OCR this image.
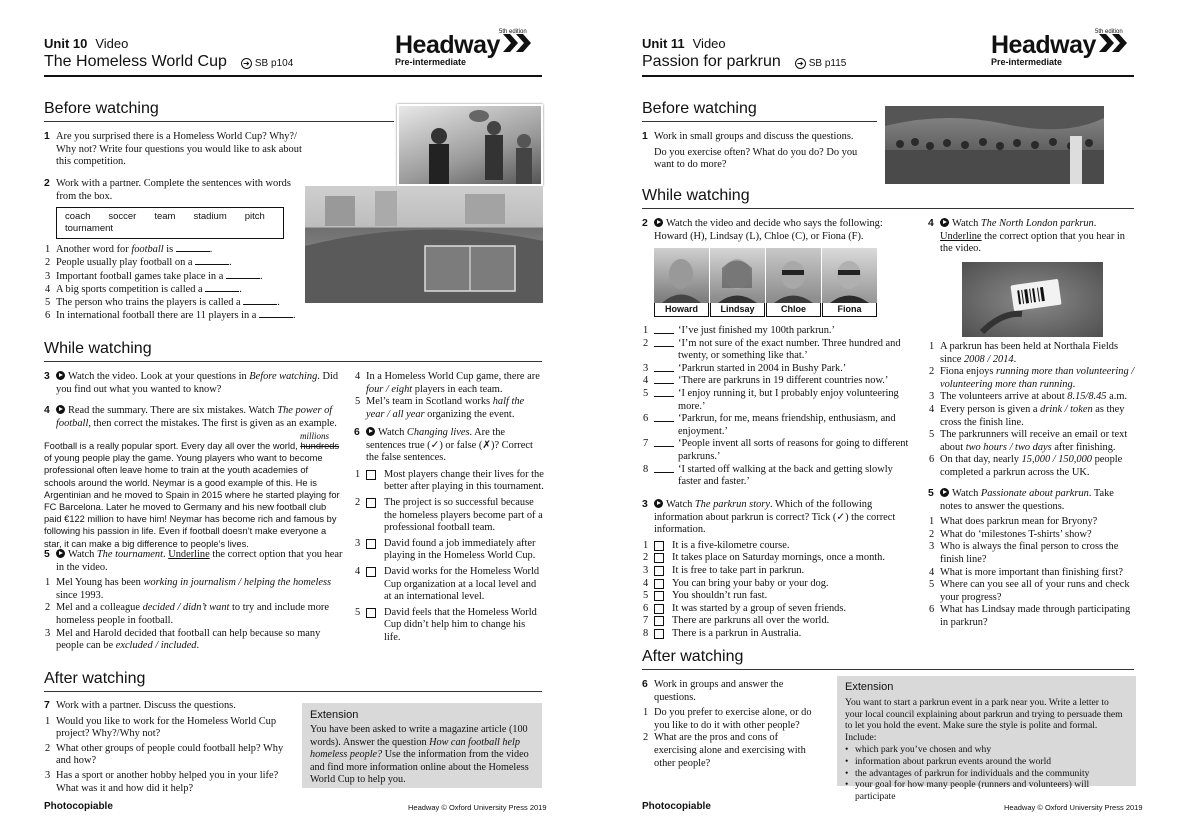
Unit 10 Video
The Homeless World Cup ➜ SB p104
5th edition
Headway
Pre-intermediate
Before watching
1 Are you surprised there is a Homeless World Cup? Why?/ Why not? Write four questions you would like to ask about this competition.
2 Work with a partner. Complete the sentences with words from the box.
coach soccer team stadium pitch
tournament
1 Another word for football is	.
2 People usually play football on a	.
3 Important football games take place in a	.
4 A big sports competition is called a	.
5 The person who trains the players is called a	.
6 In international football there are 11 players in a	.
While watching
3 Watch the video. Look at your questions in Before watching. Did you find out what you wanted to know?
4 Read the summary. There are six mistakes. Watch The power of football, then correct the mistakes. The first is given as an example.
millions
Football is a really popular sport. Every day all over the world, hundreds of young people play the game. Young players who want to become professional often leave home to train at the youth academies of schools around the world. Neymar is a good example of this. He is Argentinian and he moved to Spain in 2015 where he started playing for FC Barcelona. Later he moved to Germany and his new football club paid €122 million to have him! Neymar has become rich and famous by following his passion in life. Even if football doesn’t make everyone a star, it can make a big difference to people’s lives.
5 Watch The tournament. Underline the correct option that you hear in the video.
1 Mel Young has been working in journalism / helping the homeless since 1993.
2 Mel and a colleague decided / didn’t want to try and include more homeless people in football.
3 Mel and Harold decided that football can help because so many people can be excluded / included.
4 In a Homeless World Cup game, there are four / eight players in each team.
5 Mel’s team in Scotland works half the year / all year organizing the event.
6 Watch Changing lives. Are the sentences true (✓) or false (✗)? Correct the false sentences.
1 Most players change their lives for the better after playing in this tournament.
2 The project is so successful because the homeless players become part of a professional football team.
3 David found a job immediately after playing in the Homeless World Cup.
4 David works for the Homeless World Cup organization at a local level and at an international level.
5 David feels that the Homeless World Cup didn’t help him to change his life.
After watching
7 Work with a partner. Discuss the questions.
1 Would you like to work for the Homeless World Cup project? Why?/Why not?
2 What other groups of people could football help? Why and how?
3 Has a sport or another hobby helped you in your life? What was it and how did it help?
Extension
You have been asked to write a magazine article (100 words). Answer the question How can football help homeless people? Use the information from the video and find more information online about the Homeless World Cup to help you.
Photocopiable	Headway © Oxford University Press 2019
Unit 11 Video
Passion for parkrun ➜ SB p115
5th edition
Headway
Pre-intermediate
Before watching
1 Work in small groups and discuss the questions.
Do you exercise often? What do you do? Do you want to do more?
While watching
2 Watch the video and decide who says the following: Howard (H), Lindsay (L), Chloe (C), or Fiona (F).
Howard	Lindsay	Chloe	Fiona
1	‘I’ve just finished my 100th parkrun.’
2	‘I’m not sure of the exact number. Three hundred and twenty, or something like that.’
3	‘Parkrun started in 2004 in Bushy Park.’
4	‘There are parkruns in 19 different countries now.’
5	‘I enjoy running it, but I probably enjoy volunteering more.’
6	‘Parkrun, for me, means friendship, enthusiasm, and enjoyment.’
7	‘People invent all sorts of reasons for going to different parkruns.’
8	‘I started off walking at the back and getting slowly faster and faster.’
3 Watch The parkrun story. Which of the following information about parkrun is correct? Tick (✓) the correct information.
1 It is a five-kilometre course.
2 It takes place on Saturday mornings, once a month.
3 It is free to take part in parkrun.
4 You can bring your baby or your dog.
5 You shouldn’t run fast.
6 It was started by a group of seven friends.
7 There are parkruns all over the world.
8 There is a parkrun in Australia.
4 Watch The North London parkrun. Underline the correct option that you hear in the video.
1 A parkrun has been held at Northala Fields since 2008 / 2014.
2 Fiona enjoys running more than volunteering / volunteering more than running.
3 The volunteers arrive at about 8.15/8.45 a.m.
4 Every person is given a drink / token as they cross the finish line.
5 The parkrunners will receive an email or text about two hours / two days after finishing.
6 On that day, nearly 15,000 / 150,000 people completed a parkrun across the UK.
5 Watch Passionate about parkrun. Take notes to answer the questions.
1 What does parkrun mean for Bryony?
2 What do ‘milestones T-shirts’ show?
3 Who is always the final person to cross the finish line?
4 What is more important than finishing first?
5 Where can you see all of your runs and check your progress?
6 What has Lindsay made through participating in parkrun?
After watching
6 Work in groups and answer the questions.
1 Do you prefer to exercise alone, or do you like to do it with other people?
2 What are the pros and cons of exercising alone and exercising with other people?
Extension
You want to start a parkrun event in a park near you. Write a letter to your local council explaining about parkrun and trying to persuade them to let you hold the event. Make sure the style is polite and formal. Include:
• which park you’ve chosen and why
• information about parkrun events around the world
• the advantages of parkrun for individuals and the community
• your goal for how many people (runners and volunteers) will participate
Photocopiable	Headway © Oxford University Press 2019
